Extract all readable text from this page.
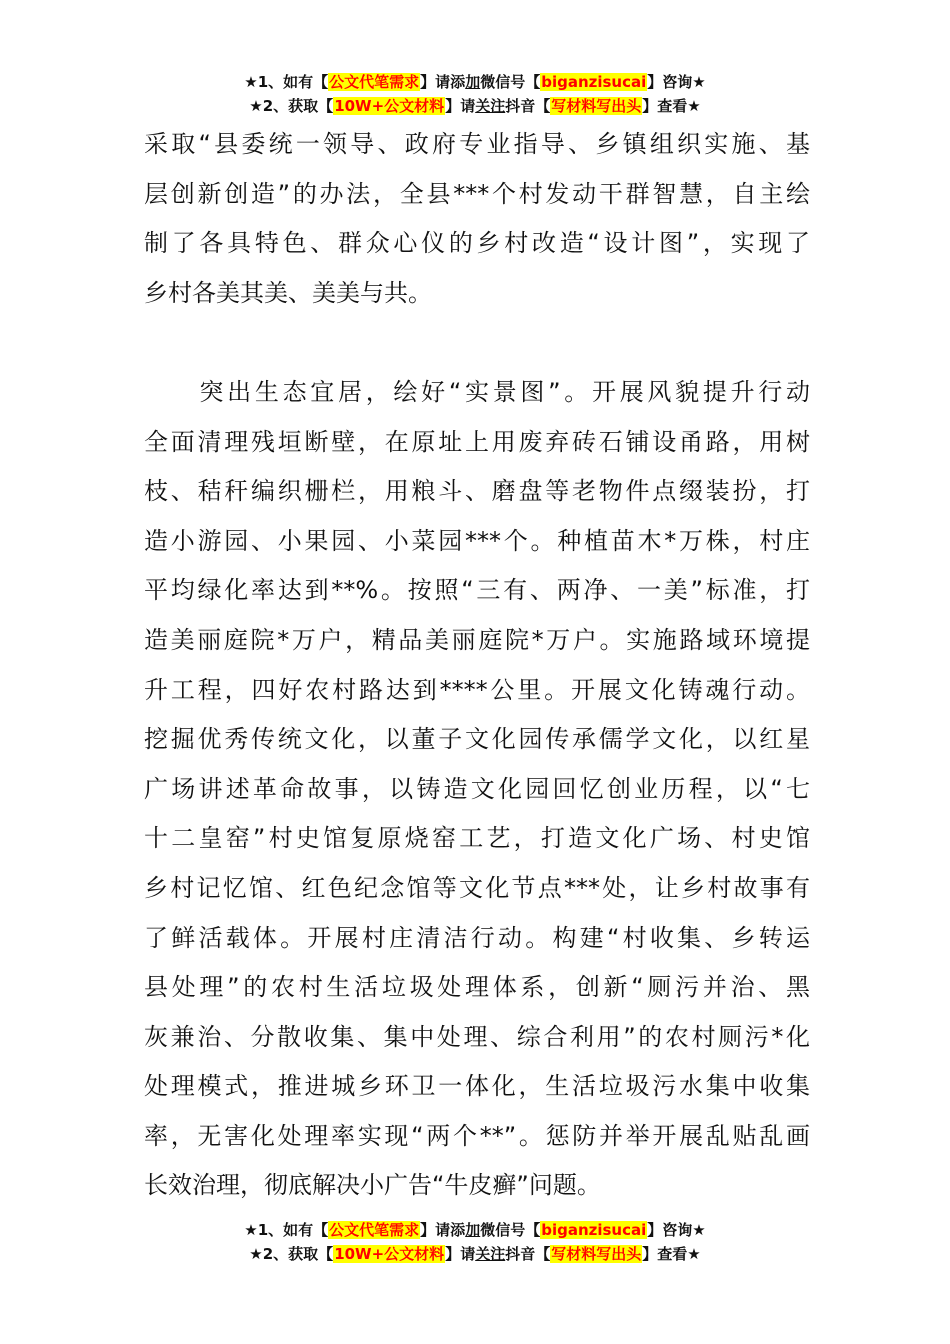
★1、如有【公文代笔需求】请添加微信号【biganzisucai】咨询★
★2、获取【10W+公文材料】请关注抖音【写材料写出头】查看★
采取“县委统一领导、政府专业指导、乡镇组织实施、基
层创新创造”的办法，全县***个村发动干群智慧，自主绘
制了各具特色、群众心仪的乡村改造“设计图”，实现了
乡村各美其美、美美与共。
　　突出生态宜居，绘好“实景图”。开展风貌提升行动
全面清理残垣断壁，在原址上用废弃砖石铺设甬路，用树
枝、秸秆编织栅栏，用粮斗、磨盘等老物件点缀装扮，打
造小游园、小果园、小菜园***个。种植苗木*万株，村庄
平均绿化率达到**%。按照“三有、两净、一美”标准，打
造美丽庭院*万户，精品美丽庭院*万户。实施路域环境提
升工程，四好农村路达到****公里。开展文化铸魂行动。
挖掘优秀传统文化，以董子文化园传承儒学文化，以红星
广场讲述革命故事，以铸造文化园回忆创业历程，以“七
十二皇窑”村史馆复原烧窑工艺，打造文化广场、村史馆
乡村记忆馆、红色纪念馆等文化节点***处，让乡村故事有
了鲜活载体。开展村庄清洁行动。构建“村收集、乡转运
县处理”的农村生活垃圾处理体系，创新“厕污并治、黑
灰兼治、分散收集、集中处理、综合利用”的农村厕污*化
处理模式，推进城乡环卫一体化，生活垃圾污水集中收集
率，无害化处理率实现“两个**”。惩防并举开展乱贴乱画
长效治理，彻底解决小广告“牛皮癣”问题。
★1、如有【公文代笔需求】请添加微信号【biganzisucai】咨询★
★2、获取【10W+公文材料】请关注抖音【写材料写出头】查看★
